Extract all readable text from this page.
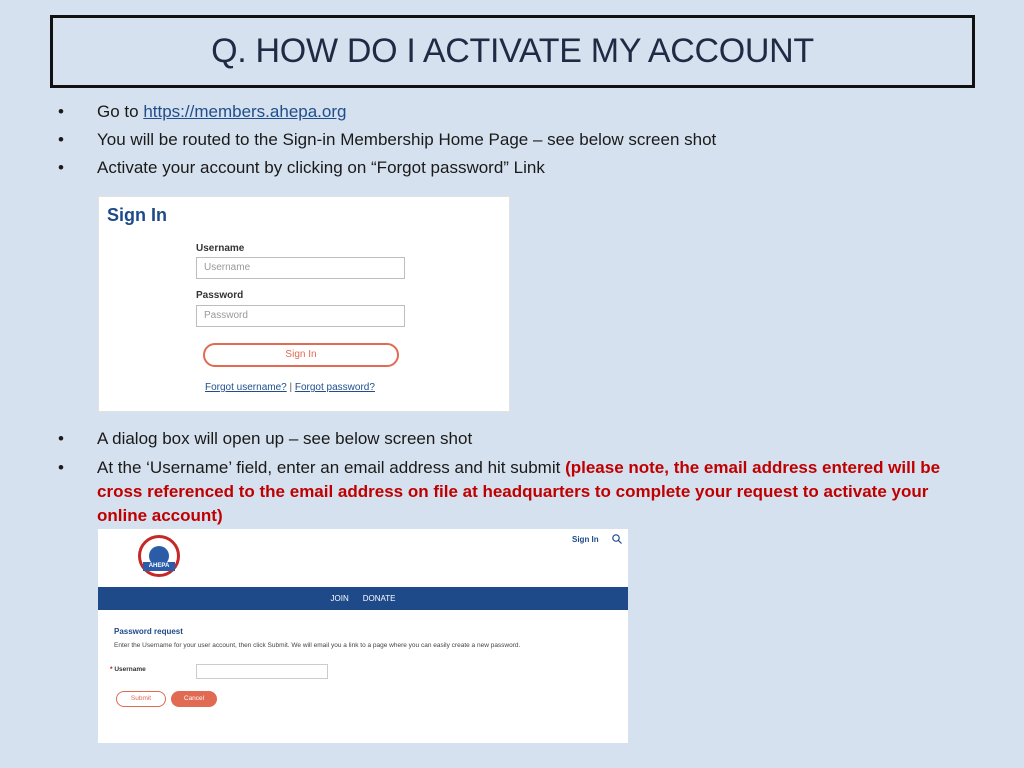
Q. HOW DO I ACTIVATE MY ACCOUNT
• Go to https://members.ahepa.org
• You will be routed to the Sign-in Membership Home Page – see below screen shot
• Activate your account by clicking on “Forgot password” Link
Sign In
Username
Username
Password
Password
Sign In
Forgot username? | Forgot password?
• A dialog box will open up – see below screen shot
• At the ‘Username’ field, enter an email address and hit submit (please note, the email address entered will be cross referenced to the email address on file at headquarters to complete your request to activate your online account)
AHEPA
Sign In
JOIN DONATE
Password request
Enter the Username for your user account, then click Submit. We will email you a link to a page where you can easily create a new password.
* Username
Submit	Cancel
